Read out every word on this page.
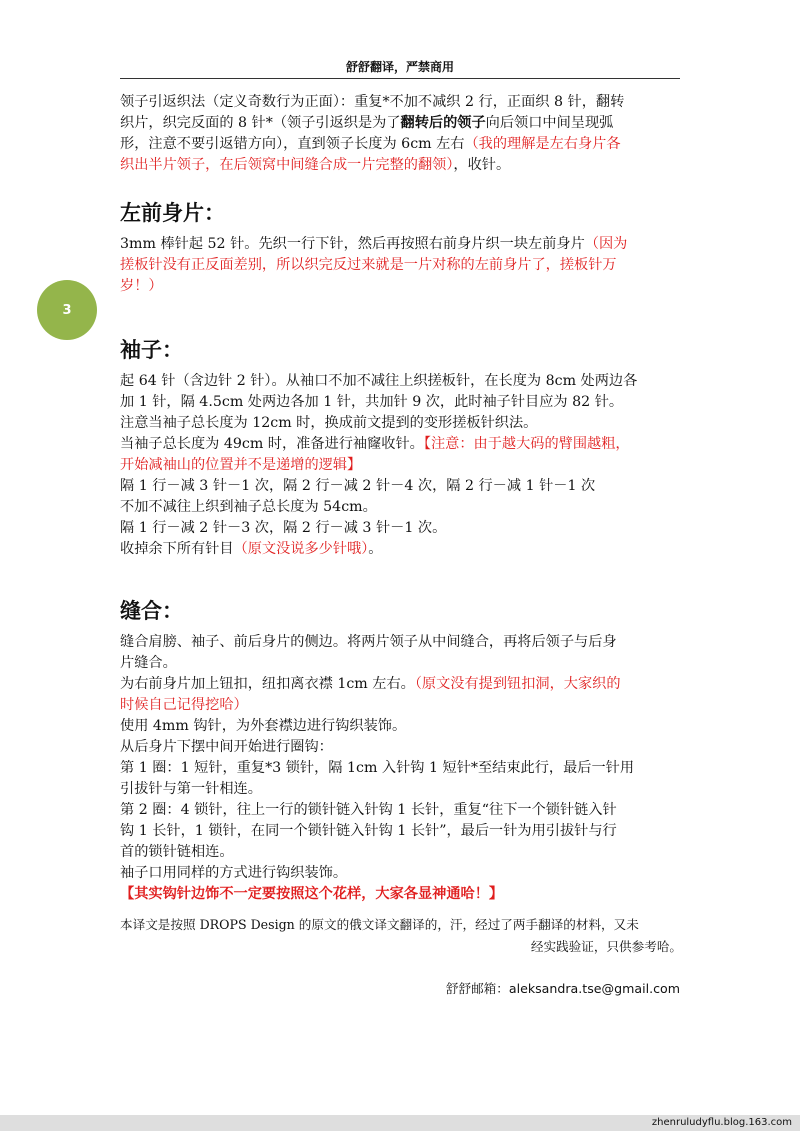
舒舒翻译，严禁商用
3

领子引返织法（定义奇数行为正面）：重复*不加不减织 2 行，正面织 8 针，翻转
织片，织完反面的 8 针*（领子引返织是为了翻转后的领子向后领口中间呈现弧
形，注意不要引返错方向），直到领子长度为 6cm 左右（我的理解是左右身片各
织出半片领子，在后领窝中间缝合成一片完整的翻领），收针。

左前身片：

3mm 棒针起 52 针。先织一行下针，然后再按照右前身片织一块左前身片（因为
搓板针没有正反面差别，所以织完反过来就是一片对称的左前身片了，搓板针万
岁！）

袖子：

起 64 针（含边针 2 针）。从袖口不加不减往上织搓板针，在长度为 8cm 处两边各
加 1 针，隔 4.5cm 处两边各加 1 针，共加针 9 次，此时袖子针目应为 82 针。
注意当袖子总长度为 12cm 时，换成前文提到的变形搓板针织法。
当袖子总长度为 49cm 时，准备进行袖窿收针。【注意：由于越大码的臂围越粗，
开始减袖山的位置并不是递增的逻辑】
隔 1 行－减 3 针－1 次，隔 2 行－减 2 针－4 次，隔 2 行－减 1 针－1 次
不加不减往上织到袖子总长度为 54cm。
隔 1 行－减 2 针－3 次，隔 2 行－减 3 针－1 次。
收掉余下所有针目（原文没说多少针哦）。

缝合：

缝合肩膀、袖子、前后身片的侧边。将两片领子从中间缝合，再将后领子与后身
片缝合。
为右前身片加上钮扣，纽扣离衣襟 1cm 左右。（原文没有提到钮扣洞，大家织的
时候自己记得挖哈）
使用 4mm 钩针，为外套襟边进行钩织装饰。
从后身片下摆中间开始进行圈钩：
第 1 圈：1 短针，重复*3 锁针，隔 1cm 入针钩 1 短针*至结束此行，最后一针用
引拔针与第一针相连。
第 2 圈：4 锁针，往上一行的锁针链入针钩 1 长针，重复“往下一个锁针链入针
钩 1 长针，1 锁针，在同一个锁针链入针钩 1 长针”，最后一针为用引拔针与行
首的锁针链相连。
袖子口用同样的方式进行钩织装饰。
【其实钩针边饰不一定要按照这个花样，大家各显神通哈！】

本译文是按照 DROPS Design 的原文的俄文译文翻译的，汗，经过了两手翻译的材料，又未
经实践验证，只供参考哈。
舒舒邮箱：aleksandra.tse@gmail.com
zhenruludyflu.blog.163.com
